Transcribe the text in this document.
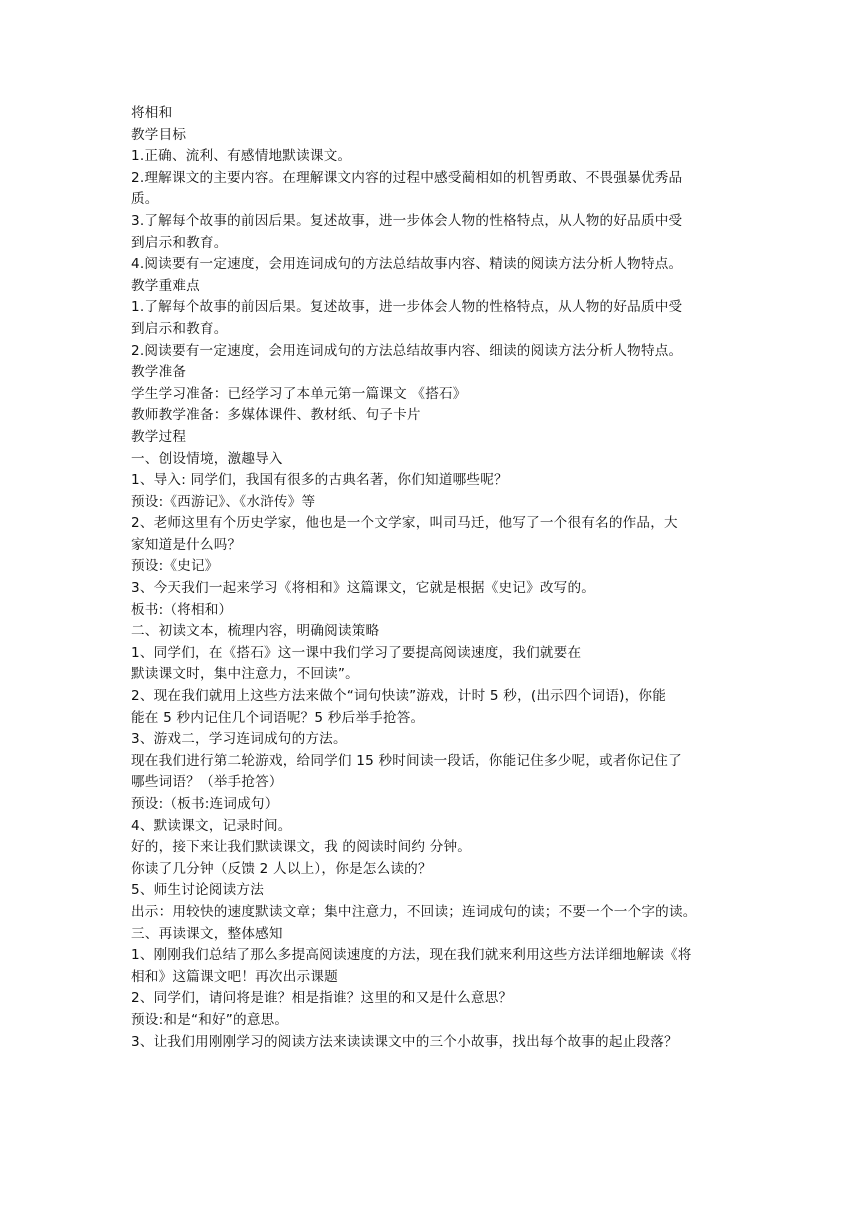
将相和
教学目标
1.正确、流利、有感情地默读课文。
2.理解课文的主要内容。在理解课文内容的过程中感受蔺相如的机智勇敢、不畏强暴优秀品
质。
3.了解每个故事的前因后果。复述故事，进一步体会人物的性格特点，从人物的好品质中受
到启示和教育。
4.阅读要有一定速度，会用连词成句的方法总结故事内容、精读的阅读方法分析人物特点。
教学重难点
1.了解每个故事的前因后果。复述故事，进一步体会人物的性格特点，从人物的好品质中受
到启示和教育。
2.阅读要有一定速度，会用连词成句的方法总结故事内容、细读的阅读方法分析人物特点。
教学准备
学生学习准备：已经学习了本单元第一篇课文 《搭石》
教师教学准备：多媒体课件、教材纸、句子卡片
教学过程
一、创设情境，激趣导入
1、导入: 同学们，我国有很多的古典名著，你们知道哪些呢？
预设:《西游记》、《水浒传》等
2、老师这里有个历史学家，他也是一个文学家，叫司马迁，他写了一个很有名的作品，大
家知道是什么吗？
预设:《史记》
3、今天我们一起来学习《将相和》这篇课文，它就是根据《史记》改写的。
板书:（将相和）
二、初读文本，梳理内容，明确阅读策略
1、同学们，在《搭石》这一课中我们学习了要提高阅读速度，我们就要在
默读课文时，集中注意力，不回读”。
2、现在我们就用上这些方法来做个“词句快读”游戏，计时 5 秒，(出示四个词语)，你能
能在 5 秒内记住几个词语呢？5 秒后举手抢答。
3、游戏二，学习连词成句的方法。
现在我们进行第二轮游戏，给同学们 15 秒时间读一段话，你能记住多少呢，或者你记住了
哪些词语？（举手抢答）
预设:（板书:连词成句）
4、默读课文，记录时间。
好的，接下来让我们默读课文，我 的阅读时间约 分钟。
你读了几分钟（反馈 2 人以上），你是怎么读的？
5、师生讨论阅读方法
出示：用较快的速度默读文章；集中注意力，不回读；连词成句的读；不要一个一个字的读。
三、再读课文，整体感知
1、刚刚我们总结了那么多提高阅读速度的方法，现在我们就来利用这些方法详细地解读《将
相和》这篇课文吧！再次出示课题
2、同学们，请问将是谁？相是指谁？这里的和又是什么意思？
预设:和是“和好”的意思。
3、让我们用刚刚学习的阅读方法来读读课文中的三个小故事，找出每个故事的起止段落？
